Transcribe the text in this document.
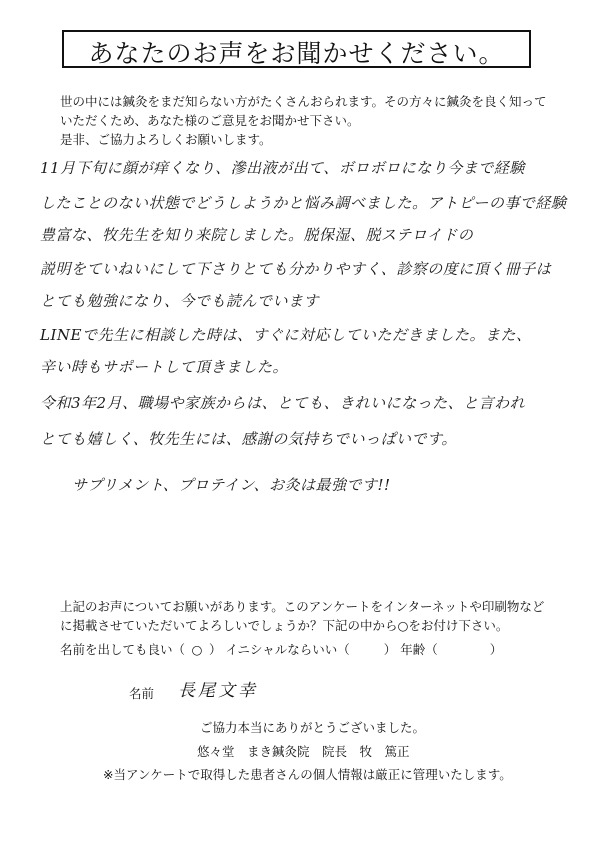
あなたのお声をお聞かせください。
世の中には鍼灸をまだ知らない方がたくさんおられます。その方々に鍼灸を良く知って
いただくため、あなた様のご意見をお聞かせ下さい。
是非、ご協力よろしくお願いします。
11月下旬に顔が痒くなり、滲出液が出て、ボロボロになり今まで経験
したことのない状態でどうしようかと悩み調べました。アトピーの事で経験
豊富な、牧先生を知り来院しました。脱保湿、脱ステロイドの
説明をていねいにして下さりとても分かりやすく、診察の度に頂く冊子は
とても勉強になり、今でも読んでいます
LINEで先生に相談した時は、すぐに対応していただきました。また、
辛い時もサポートして頂きました。
令和3年2月、職場や家族からは、とても、きれいになった、と言われ
とても嬉しく、牧先生には、感謝の気持ちでいっぱいです。
サプリメント、プロテイン、お灸は最強です!!
上記のお声についてお願いがあります。このアンケートをインターネットや印刷物など
に掲載させていただいてよろしいでしょうか？下記の中から○をお付け下さい。
名前を出しても良い（ ○ ） イニシャルならいい（	） 年齢（	）
名前 長尾文幸
ご協力本当にありがとうございました。
悠々堂　まき鍼灸院　院長　牧　篤正
※当アンケートで取得した患者さんの個人情報は厳正に管理いたします。
